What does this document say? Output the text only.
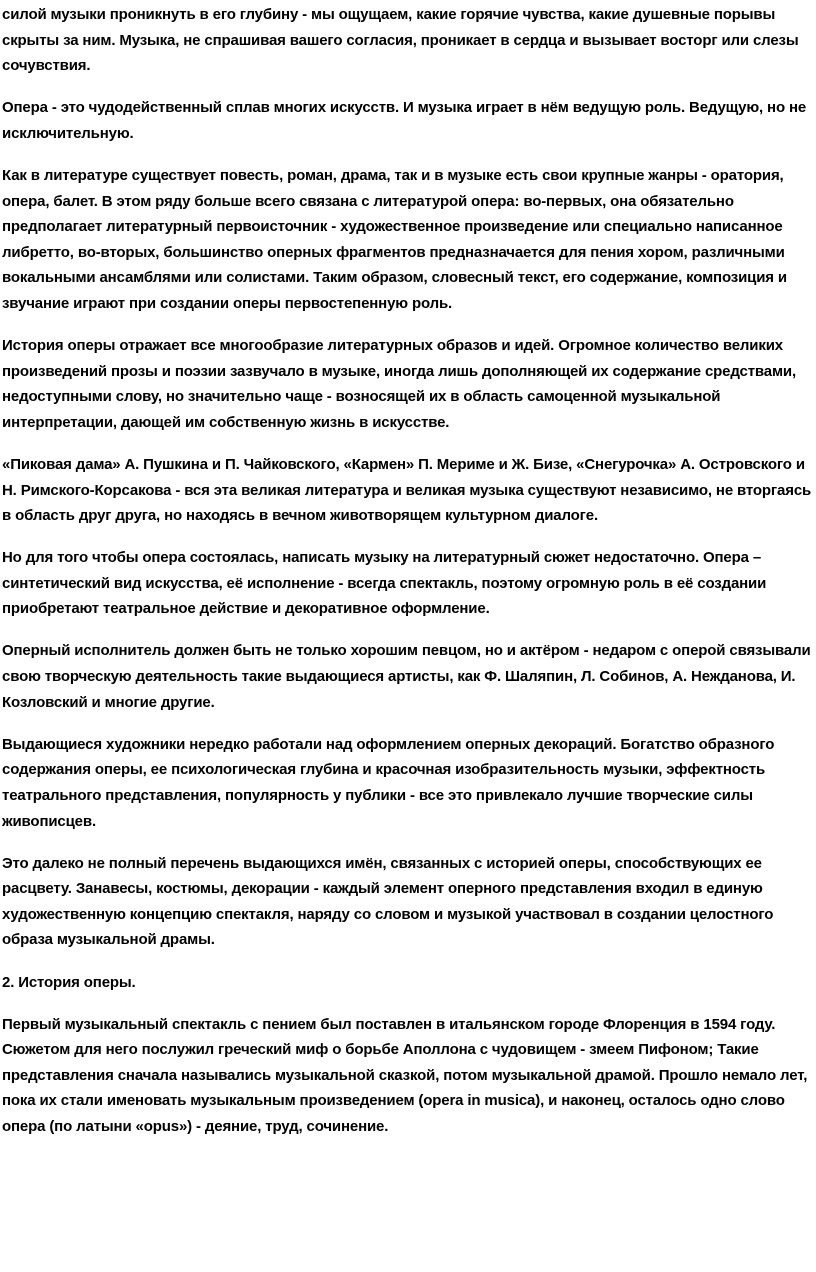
силой музыки проникнуть в его глубину - мы ощущаем, какие горячие чувства, какие душевные порывы скрыты за ним. Музыка, не спрашивая вашего согласия, проникает в сердца и вызывает восторг или слезы сочувствия.

Опера - это чудодейственный сплав многих искусств. И музыка играет в нём ведущую роль. Ведущую, но не исключительную.

Как в литературе существует повесть, роман, драма, так и в музыке есть свои крупные жанры - оратория, опера, балет. В этом ряду больше всего связана с литературой опера: во-первых, она обязательно предполагает литературный первоисточник - художественное произведение или специально написанное либретто, во-вторых, большинство оперных фрагментов предназначается для пения хором, различными вокальными ансамблями или солистами. Таким образом, словесный текст, его содержание, композиция и звучание играют при создании оперы первостепенную роль.

История оперы отражает все многообразие литературных образов и идей. Огромное количество великих произведений прозы и поэзии зазвучало в музыке, иногда лишь дополняющей их содержание средствами, недоступными слову, но значительно чаще - возносящей их в область самоценной музыкальной интерпретации, дающей им собственную жизнь в искусстве.

«Пиковая дама» А. Пушкина и П. Чайковского, «Кармен» П. Мериме и Ж. Бизе, «Снегурочка» А. Островского и Н. Римского-Корсакова - вся эта великая литература и великая музыка существуют независимо, не вторгаясь в область друг друга, но находясь в вечном животворящем культурном диалоге.

Но для того чтобы опера состоялась, написать музыку на литературный сюжет недостаточно. Опера – синтетический вид искусства, её исполнение - всегда спектакль, поэтому огромную роль в её создании приобретают театральное действие и декоративное оформление.

Оперный исполнитель должен быть не только хорошим певцом, но и актёром - недаром с оперой связывали свою творческую деятельность такие выдающиеся артисты, как Ф. Шаляпин, Л. Собинов, А. Нежданова, И. Козловский и многие другие.

Выдающиеся художники нередко работали над оформлением оперных декораций. Богатство образного содержания оперы, ее психологическая глубина и красочная изобразительность музыки, эффектность театрального представления, популярность у публики - все это привлекало лучшие творческие силы живописцев.

Это далеко не полный перечень выдающихся имён, связанных с историей оперы, способствующих ее расцвету. Занавесы, костюмы, декорации - каждый элемент оперного представления входил в единую художественную концепцию спектакля, наряду со словом и музыкой участвовал в создании целостного образа музыкальной драмы.

2. История оперы.

Первый музыкальный спектакль с пением был поставлен в итальянском городе Флоренция в 1594 году. Сюжетом для него послужил греческий миф о борьбе Аполлона с чудовищем - змеем Пифоном; Такие представления сначала назывались музыкальной сказкой, потом музыкальной драмой. Прошло немало лет, пока их стали именовать музыкальным произведением (opera in musica), и наконец, осталось одно слово опера (по латыни «opus») - деяние, труд, сочинение.
